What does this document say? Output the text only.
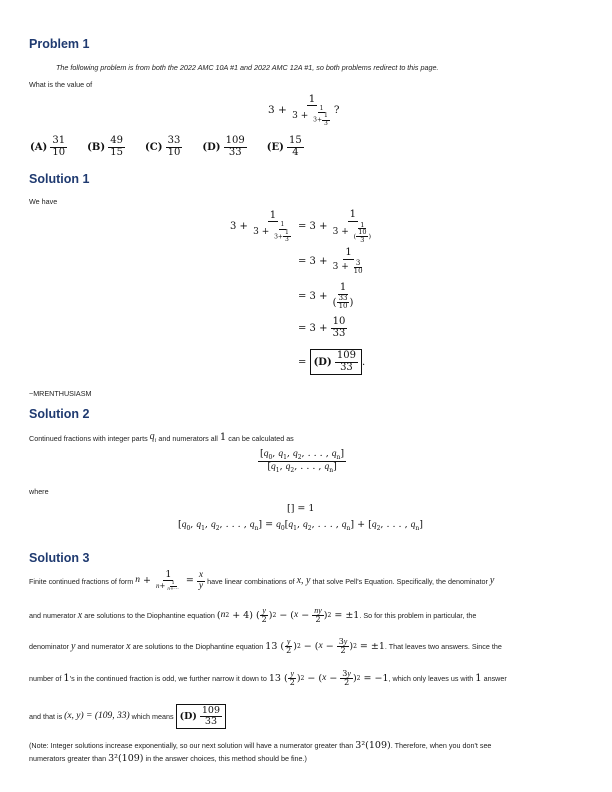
Problem 1
The following problem is from both the 2022 AMC 10A #1 and 2022 AMC 12A #1, so both problems redirect to this page.
What is the value of
$3 + \frac{1}{3 + \frac{1}{3+ \frac{1}{3}}}$ ?
(A)
$\frac{31}{10} (B)$
$\frac{49}{15} (C)$
$\frac{33}{10} (D)$
$\frac{109}{33} (E)$
$\frac{15}{4}$
Solution 1
We have
$3 + \frac{1}{3 + \frac{1}{3+ \frac{1}{3}}} = 3 + \frac{1}{3 + \frac{1}{( \frac{10}{3} )}}$
= $3 + \frac{1}{3 + \frac{3}{10}}$
= $3 + \frac{1}{( \frac{33}{10} )}$
= $3 + \frac{10}{33}$
= (D)
$\frac{109}{33}$ .
~MRENTHUSIASM
Solution 2
Continued fractions with integer parts
$q_i$
and numerators all
1
can be calculated as
$\frac{[q_0, q_1, q_2, . . . , q_n]}{[q_1, q_2, . . . , q_n]}$
where
[] = 1
[$q_0$, $q_1$, $q_2$, . . . , $q_n] = q_0[q_1$, $q_2$, . . . , $q_n] + [q_2$, . . . , $q_n$]
Solution 3
Finite continued fractions of form
$n + \frac{1}{n + \frac{1}{n+\cdot\cdot\cdot}} = \frac{x}{y}$
have linear combinations of
x, y
that solve Pell's Equation. Specifically, the denominator
y
and numerator
x
are solutions to the Diophantine equation
( n 2 + 4) ( $\frac{y}{2}$ ) 2 − ( $x - \frac{ny}{2}$ ) 2 = ±1 . So for this problem in particular, the
denominator
y
and numerator
x
are solutions to the Diophantine equation
13 ( $\frac{y}{2}$ ) 2 − ( $x - \frac{3y}{2}$ ) 2 = ±1 . That leaves two answers. Since the
number of
1 's in the continued fraction is odd, we further narrow it down to
13 ( $\frac{y}{2}$ ) 2 − ( $x - \frac{3y}{2}$ ) 2 = −1 , which only leaves us with
1
answer
and that is
(x, y) = (109, 33)
which means
(D)
$\frac{109}{33}$
(Note: Integer solutions increase exponentially, so our next solution will have a numerator greater than
3²(109) . Therefore, when you don't see
numerators greater than
3²(109)
in the answer choices, this method should be fine.)
